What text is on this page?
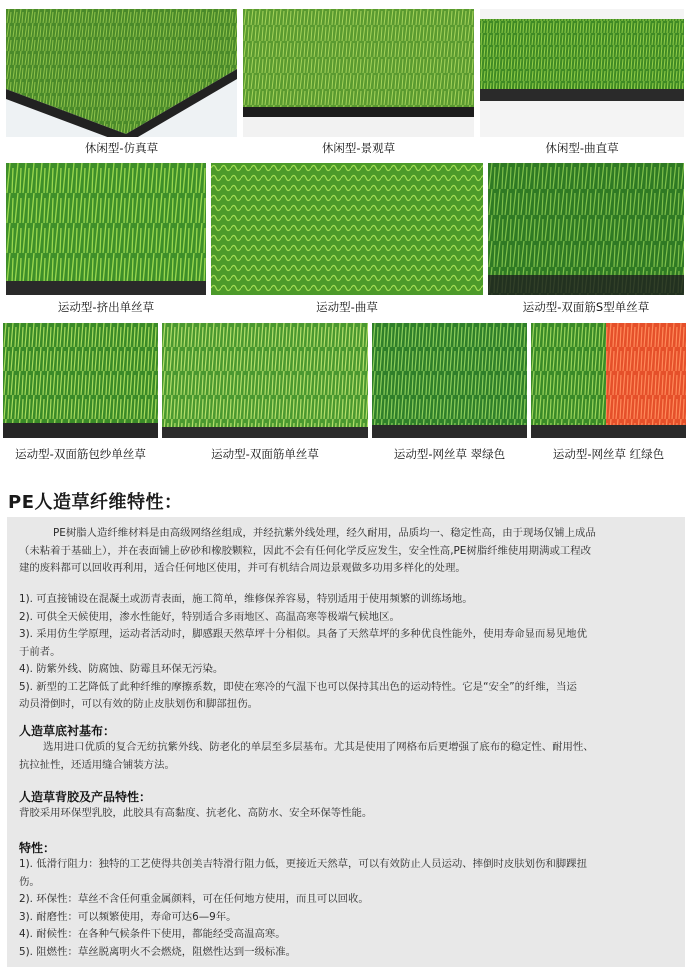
休闲型-仿真草	休闲型-景观草	休闲型-曲直草
运动型-挤出单丝草	运动型-曲草	运动型-双面筋S型单丝草
运动型-双面筋包纱单丝草	运动型-双面筋单丝草	运动型-网丝草 翠绿色	运动型-网丝草 红绿色
PE人造草纤维特性：
PE树脂人造纤维材料是由高级网络丝组成，并经抗紫外线处理，经久耐用，品质均一、稳定性高，由于现场仅铺上成品
（未粘着于基础上），并在表面铺上矽砂和橡胶颗粒，因此不会有任何化学反应发生，安全性高,PE树脂纤维使用期满或工程改
建的废料都可以回收再利用，适合任何地区使用，并可有机结合周边景观做多功用多样化的处理。
1). 可直接铺设在混凝土或沥青表面，施工简单，维修保养容易，特别适用于使用频繁的训练场地。
2). 可供全天候使用，渗水性能好，特别适合多雨地区、高温高寒等极端气候地区。
3). 采用仿生学原理，运动者活动时，脚感跟天然草坪十分相似。具备了天然草坪的多种优良性能外，使用寿命显而易见地优
于前者。
4). 防紫外线、防腐蚀、防霉且环保无污染。
5). 新型的工艺降低了此种纤维的摩擦系数，即使在寒冷的气温下也可以保持其出色的运动特性。它是“安全”的纤维，当运
动员滑倒时，可以有效的防止皮肤划伤和脚部扭伤。
人造草底衬基布：
选用进口优质的复合无纺抗紫外线、防老化的单层至多层基布。尤其是使用了网格布后更增强了底布的稳定性、耐用性、
抗拉扯性，还适用缝合铺装方法。
人造草背胶及产品特性：
背胶采用环保型乳胶，此胶具有高黏度、抗老化、高防水、安全环保等性能。
特性：
1). 低滑行阻力：独特的工艺使得共创美吉特滑行阻力低，更接近天然草，可以有效防止人员运动、摔倒时皮肤划伤和脚踝扭
伤。
2). 环保性：草丝不含任何重金属颜料，可在任何地方使用，而且可以回收。
3). 耐磨性：可以频繁使用，寿命可达6—9年。
4). 耐候性：在各种气候条件下使用，都能经受高温高寒。
5). 阻燃性：草丝脱离明火不会燃烧，阻燃性达到一级标准。
